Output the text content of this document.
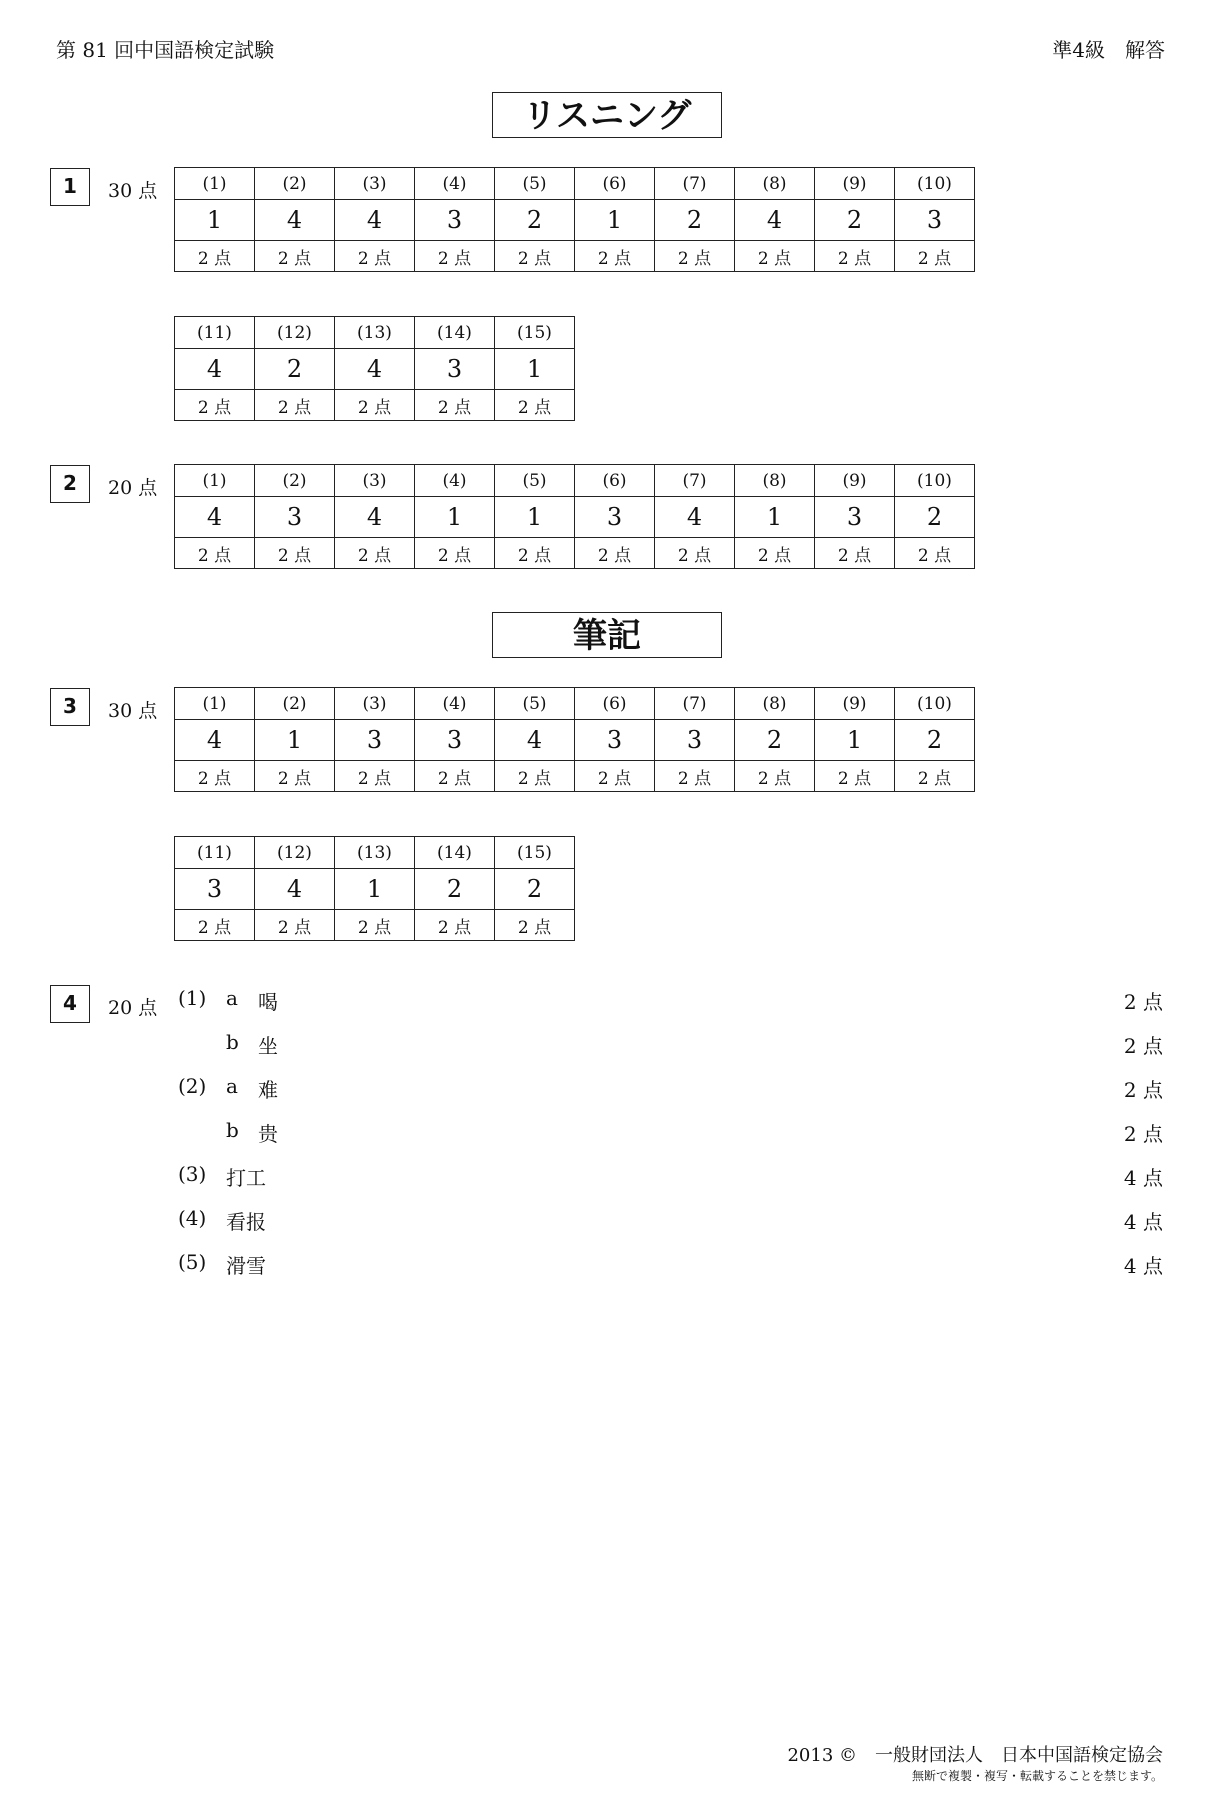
第 81 回中国語検定試験	準4級　解答
リスニング
1	30 点	(1)	(2)	(3)	(4)	(5)	(6)	(7)	(8)	(9)	(10)
1	4	4	3	2	1	2	4	2	3
2 点	2 点	2 点	2 点	2 点	2 点	2 点	2 点	2 点	2 点
(11)	(12)	(13)	(14)	(15)
4	2	4	3	1
2 点	2 点	2 点	2 点	2 点
2	20 点	(1)	(2)	(3)	(4)	(5)	(6)	(7)	(8)	(9)	(10)
4	3	4	1	1	3	4	1	3	2
2 点	2 点	2 点	2 点	2 点	2 点	2 点	2 点	2 点	2 点
筆記
3	30 点	(1)	(2)	(3)	(4)	(5)	(6)	(7)	(8)	(9)	(10)
4	1	3	3	4	3	3	2	1	2
2 点	2 点	2 点	2 点	2 点	2 点	2 点	2 点	2 点	2 点
(11)	(12)	(13)	(14)	(15)
3	4	1	2	2
2 点	2 点	2 点	2 点	2 点
4	20 点 (1) a 喝	2 点
b 坐	2 点
(2) a 难	2 点
b 贵	2 点
(3) 打工	4 点
(4) 看报	4 点
(5) 滑雪	4 点
2013 ©　一般財団法人　日本中国語検定協会
無断で複製・複写・転載することを禁じます。
